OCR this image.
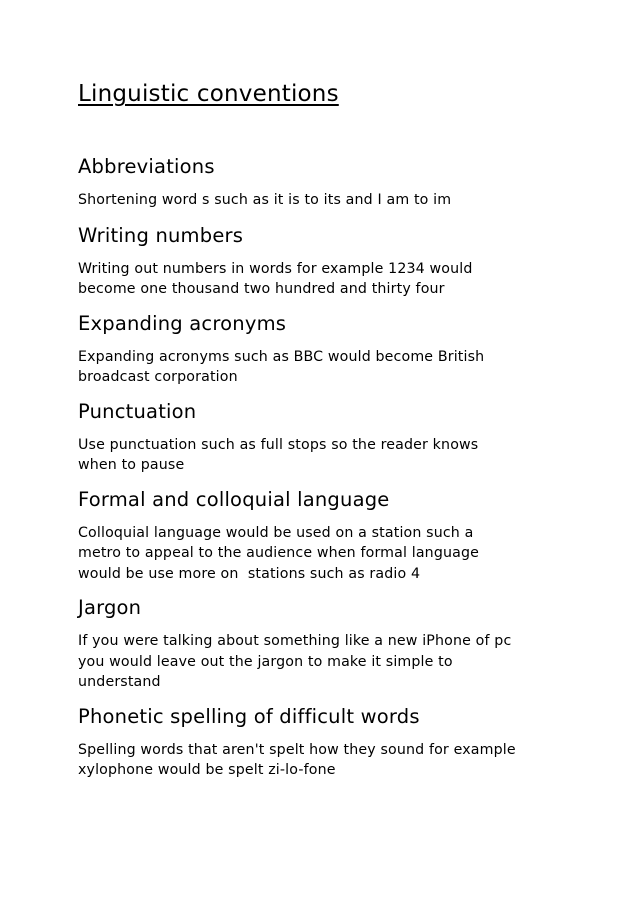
Linguistic conventions
Abbreviations

Shortening word s such as it is to its and I am to im

Writing numbers

Writing out numbers in words for example 1234 would
become one thousand two hundred and thirty four

Expanding acronyms

Expanding acronyms such as BBC would become British
broadcast corporation

Punctuation

Use punctuation such as full stops so the reader knows
when to pause

Formal and colloquial language

Colloquial language would be used on a station such a
metro to appeal to the audience when formal language
would be use more on  stations such as radio 4

Jargon

If you were talking about something like a new iPhone of pc
you would leave out the jargon to make it simple to
understand

Phonetic spelling of difficult words

Spelling words that aren't spelt how they sound for example
xylophone would be spelt zi-lo-fone
